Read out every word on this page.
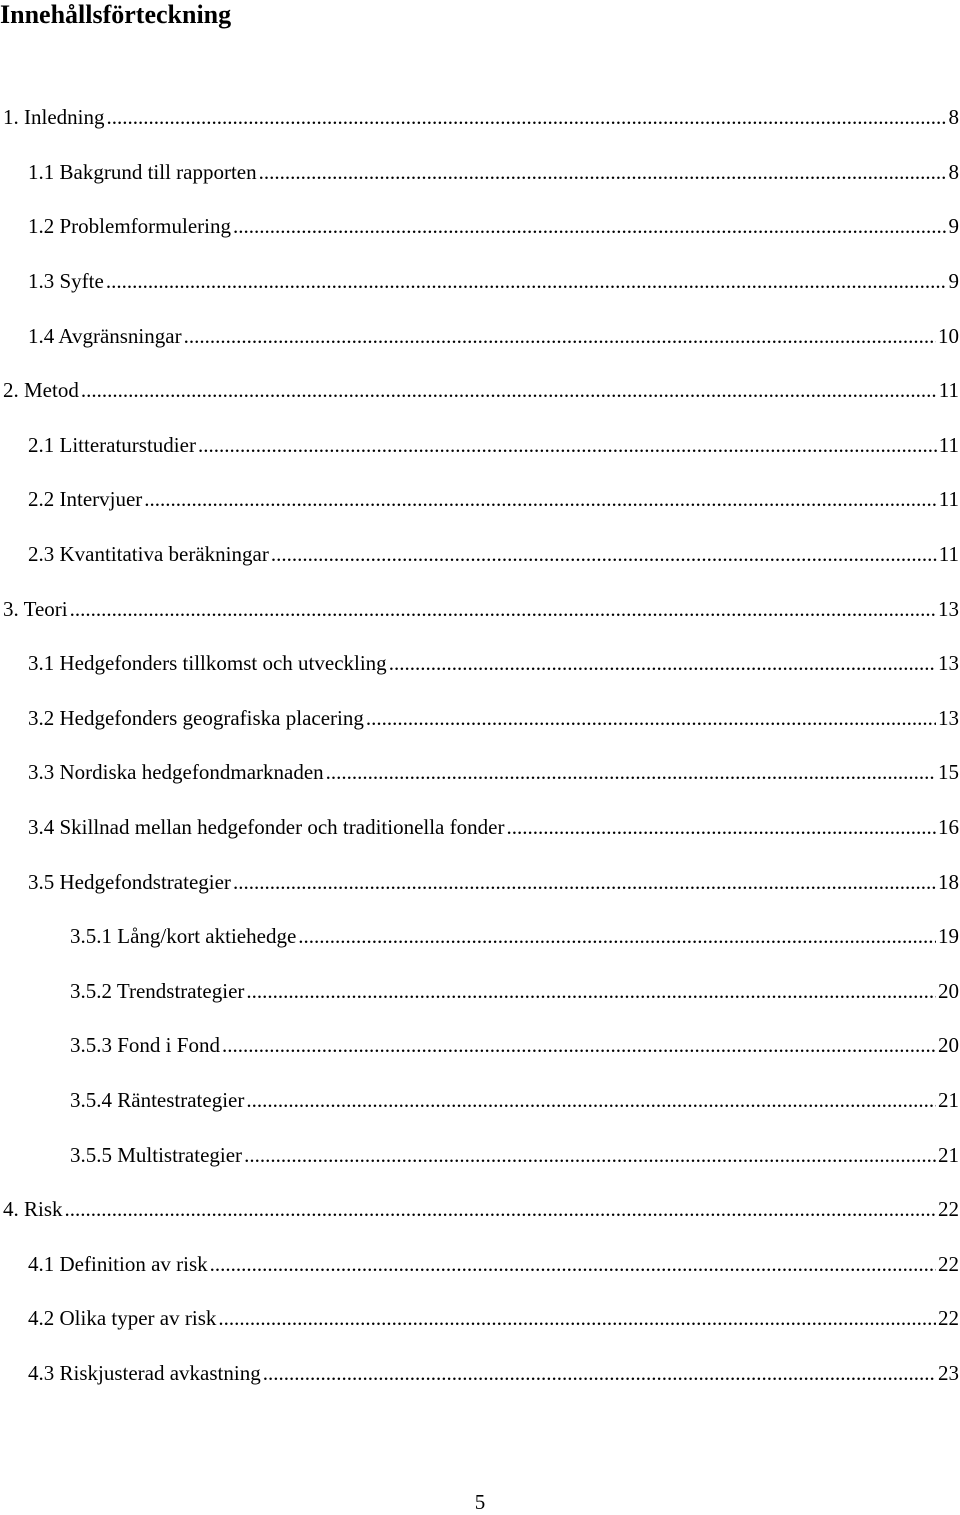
Innehållsförteckning
1. Inledning .....	8
1.1 Bakgrund till rapporten .....	8
1.2 Problemformulering .....	9
1.3 Syfte .....	9
1.4 Avgränsningar .....	10
2. Metod .....	11
2.1 Litteraturstudier .....	11
2.2 Intervjuer .....	11
2.3 Kvantitativa beräkningar .....	11
3. Teori .....	13
3.1 Hedgefonders tillkomst och utveckling .....	13
3.2 Hedgefonders geografiska placering .....	13
3.3 Nordiska hedgefondmarknaden .....	15
3.4 Skillnad mellan hedgefonder och traditionella fonder .....	16
3.5 Hedgefondstrategier .....	18
3.5.1 Lång/kort aktiehedge .....	19
3.5.2 Trendstrategier .....	20
3.5.3 Fond i Fond .....	20
3.5.4 Räntestrategier .....	21
3.5.5 Multistrategier .....	21
4. Risk .....	22
4.1 Definition av risk .....	22
4.2 Olika typer av risk .....	22
4.3 Riskjusterad avkastning .....	23
5
